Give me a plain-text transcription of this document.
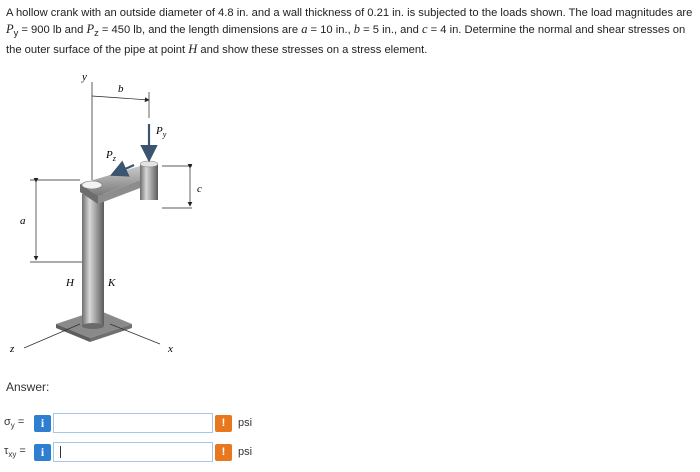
A hollow crank with an outside diameter of 4.8 in. and a wall thickness of 0.21 in. is subjected to the loads shown. The load magnitudes are $P_y = 900$ lb and $P_z = 450$ lb, and the length dimensions are a = 10 in., b = 5 in., and c = 4 in. Determine the normal and shear stresses on the outer surface of the pipe at point H and show these stresses on a stress element.
y
x
z
b
a
c
$P_y$
$P_z$
H	K
Answer:
$\sigma_y$ =	i	!	psi
$\tau_{xy}$ =	i	!	psi
